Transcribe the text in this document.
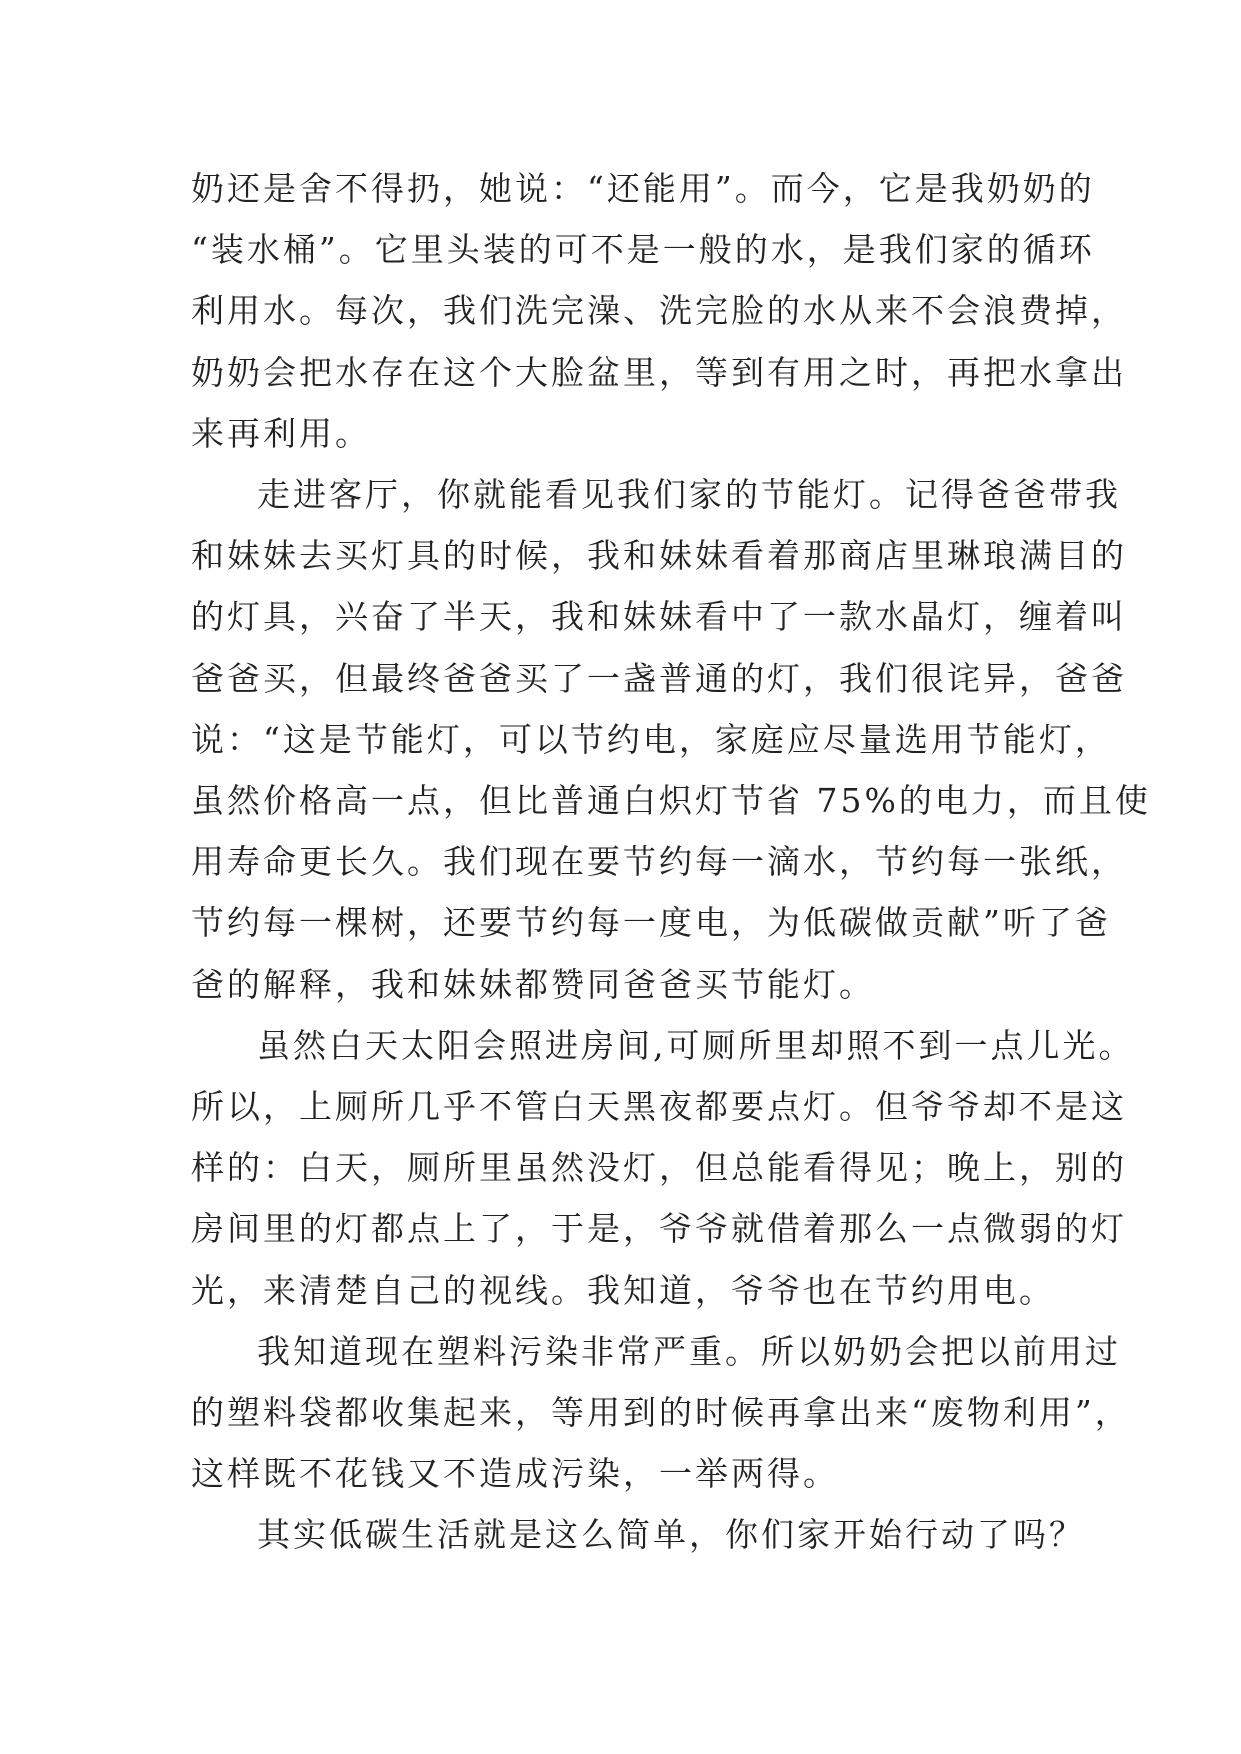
奶还是舍不得扔，她说：“还能用”。而今，它是我奶奶的
“装水桶”。它里头装的可不是一般的水，是我们家的循环
利用水。每次，我们洗完澡、洗完脸的水从来不会浪费掉，
奶奶会把水存在这个大脸盆里，等到有用之时，再把水拿出
来再利用。
走进客厅，你就能看见我们家的节能灯。记得爸爸带我
和妹妹去买灯具的时候，我和妹妹看着那商店里琳琅满目的
的灯具，兴奋了半天，我和妹妹看中了一款水晶灯，缠着叫
爸爸买，但最终爸爸买了一盏普通的灯，我们很诧异，爸爸
说：“这是节能灯，可以节约电，家庭应尽量选用节能灯，
虽然价格高一点，但比普通白炽灯节省 75%的电力，而且使
用寿命更长久。我们现在要节约每一滴水，节约每一张纸，
节约每一棵树，还要节约每一度电，为低碳做贡献”听了爸
爸的解释，我和妹妹都赞同爸爸买节能灯。
虽然白天太阳会照进房间,可厕所里却照不到一点儿光。
所以，上厕所几乎不管白天黑夜都要点灯。但爷爷却不是这
样的：白天，厕所里虽然没灯，但总能看得见；晚上，别的
房间里的灯都点上了，于是，爷爷就借着那么一点微弱的灯
光，来清楚自己的视线。我知道，爷爷也在节约用电。
我知道现在塑料污染非常严重。所以奶奶会把以前用过
的塑料袋都收集起来，等用到的时候再拿出来“废物利用”，
这样既不花钱又不造成污染，一举两得。
其实低碳生活就是这么简单，你们家开始行动了吗？
